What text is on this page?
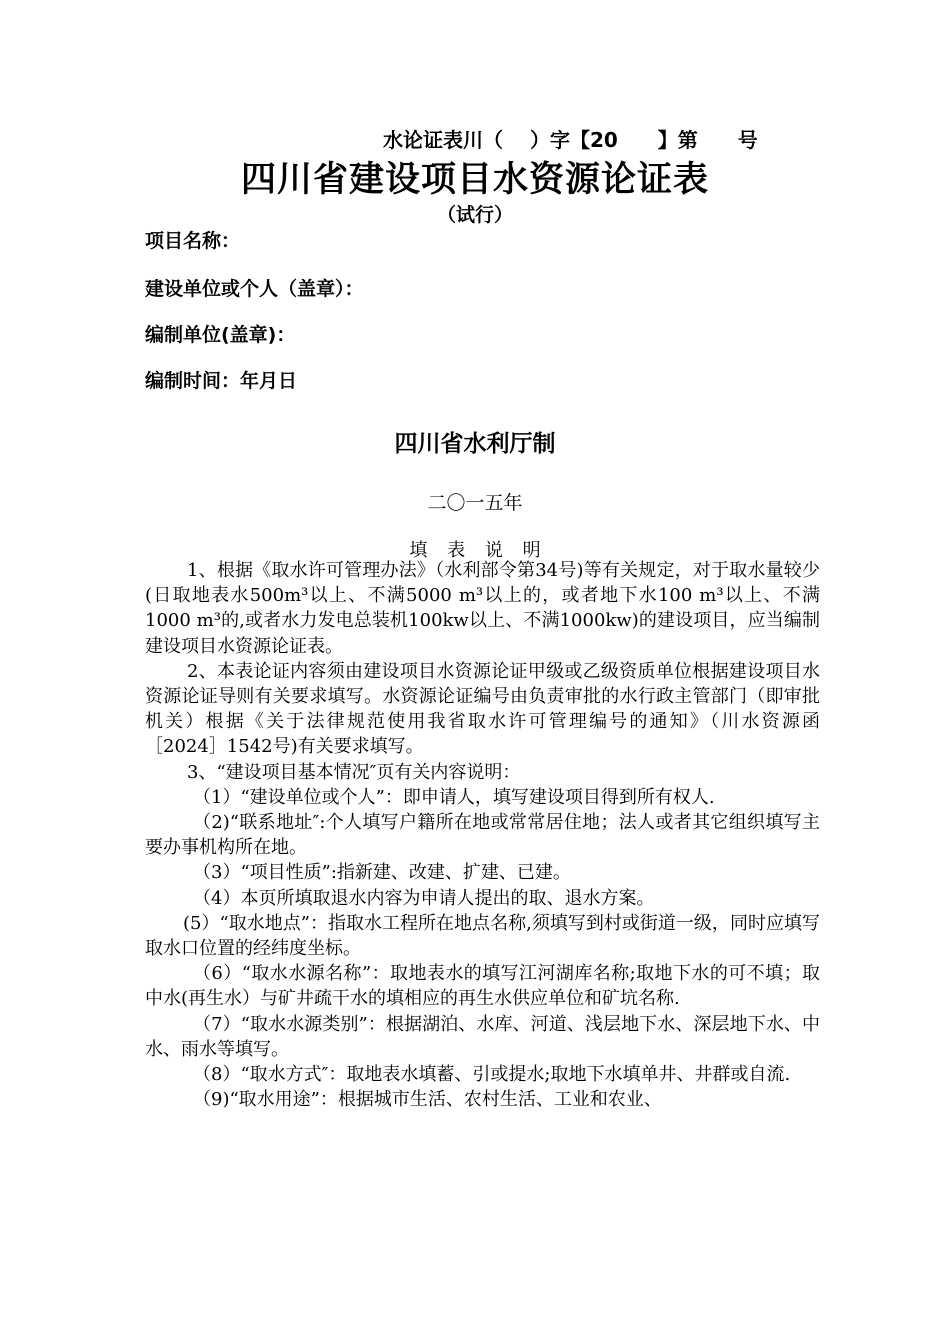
水论证表川（　 ）字【20　　】第　　号
四川省建设项目水资源论证表
（试行）
项目名称：
建设单位或个人（盖章）：
编制单位(盖章)：
编制时间：年月日
四川省水利厅制
二〇一五年
填 表 说 明

1、根据《取水许可管理办法》（水利部令第34号)等有关规定，对于取水量较少(日取地表水500m³以上、不满5000 m³以上的，或者地下水100 m³以上、不满1000 m³的,或者水力发电总装机100kw以上、不满1000kw)的建设项目，应当编制建设项目水资源论证表。

2、本表论证内容须由建设项目水资源论证甲级或乙级资质单位根据建设项目水资源论证导则有关要求填写。水资源论证编号由负责审批的水行政主管部门（即审批机关）根据《关于法律规范使用我省取水许可管理编号的通知》（川水资源函［2024］1542号)有关要求填写。

3、“建设项目基本情况″页有关内容说明：

（1）“建设单位或个人”：即申请人，填写建设项目得到所有权人.

（2)“联系地址″:个人填写户籍所在地或常常居住地；法人或者其它组织填写主要办事机构所在地。

（3）“项目性质”:指新建、改建、扩建、已建。

（4）本页所填取退水内容为申请人提出的取、退水方案。

(5）“取水地点”：指取水工程所在地点名称,须填写到村或街道一级，同时应填写取水口位置的经纬度坐标。

（6）“取水水源名称”：取地表水的填写江河湖库名称;取地下水的可不填；取中水(再生水）与矿井疏干水的填相应的再生水供应单位和矿坑名称.

（7）“取水水源类别”：根据湖泊、水库、河道、浅层地下水、深层地下水、中水、雨水等填写。

（8）“取水方式″：取地表水填蓄、引或提水;取地下水填单井、井群或自流.

（9)“取水用途”：根据城市生活、农村生活、工业和农业、
